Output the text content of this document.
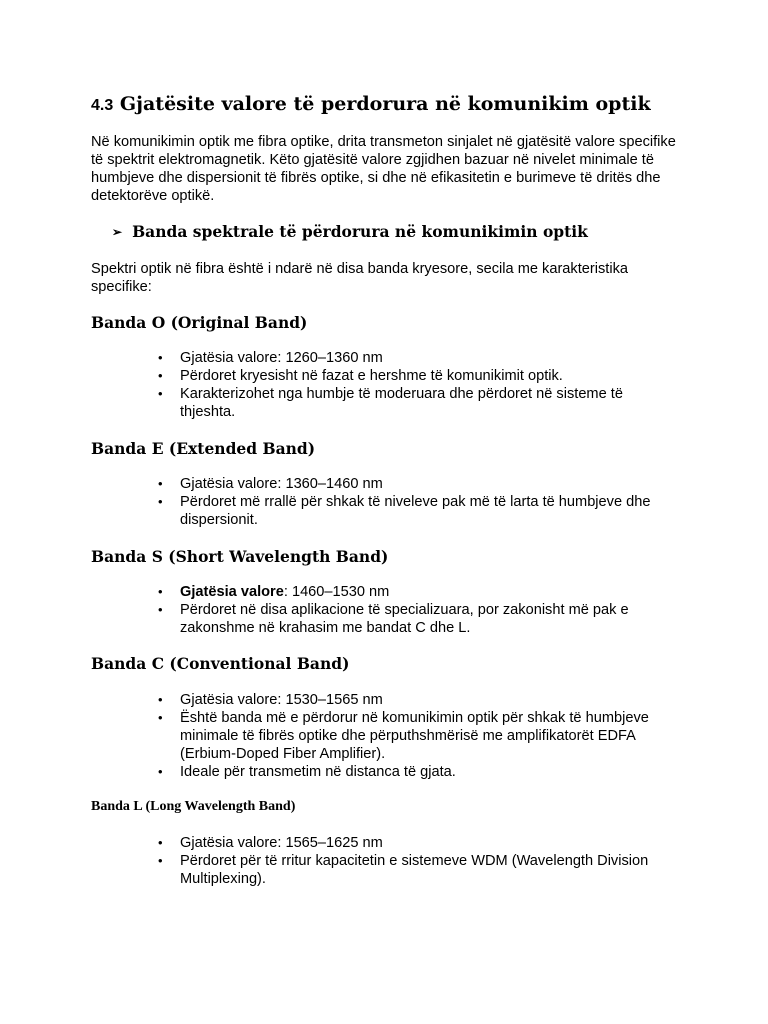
4.3 Gjatësite valore të perdorura në komunikim optik

Në komunikimin optik me fibra optike, drita transmeton sinjalet në gjatësitë valore specifike të spektrit elektromagnetik. Këto gjatësitë valore zgjidhen bazuar në nivelet minimale të humbjeve dhe dispersionit të fibrës optike, si dhe në efikasitetin e burimeve të dritës dhe detektorëve optikë.

➢ Banda spektrale të përdorura në komunikimin optik

Spektri optik në fibra është i ndarë në disa banda kryesore, secila me karakteristika specifike:

Banda O (Original Band)
• Gjatësia valore: 1260–1360 nm
• Përdoret kryesisht në fazat e hershme të komunikimit optik.
• Karakterizohet nga humbje të moderuara dhe përdoret në sisteme të thjeshta.
Banda E (Extended Band)
• Gjatësia valore: 1360–1460 nm
• Përdoret më rrallë për shkak të niveleve pak më të larta të humbjeve dhe dispersionit.
Banda S (Short Wavelength Band)
• Gjatësia valore: 1460–1530 nm
• Përdoret në disa aplikacione të specializuara, por zakonisht më pak e zakonshme në krahasim me bandat C dhe L.
Banda C (Conventional Band)
• Gjatësia valore: 1530–1565 nm
• Është banda më e përdorur në komunikimin optik për shkak të humbjeve minimale të fibrës optike dhe përputhshmërisë me amplifikatorët EDFA (Erbium-Doped Fiber Amplifier).
• Ideale për transmetim në distanca të gjata.
Banda L (Long Wavelength Band)
• Gjatësia valore: 1565–1625 nm
• Përdoret për të rritur kapacitetin e sistemeve WDM (Wavelength Division Multiplexing).
